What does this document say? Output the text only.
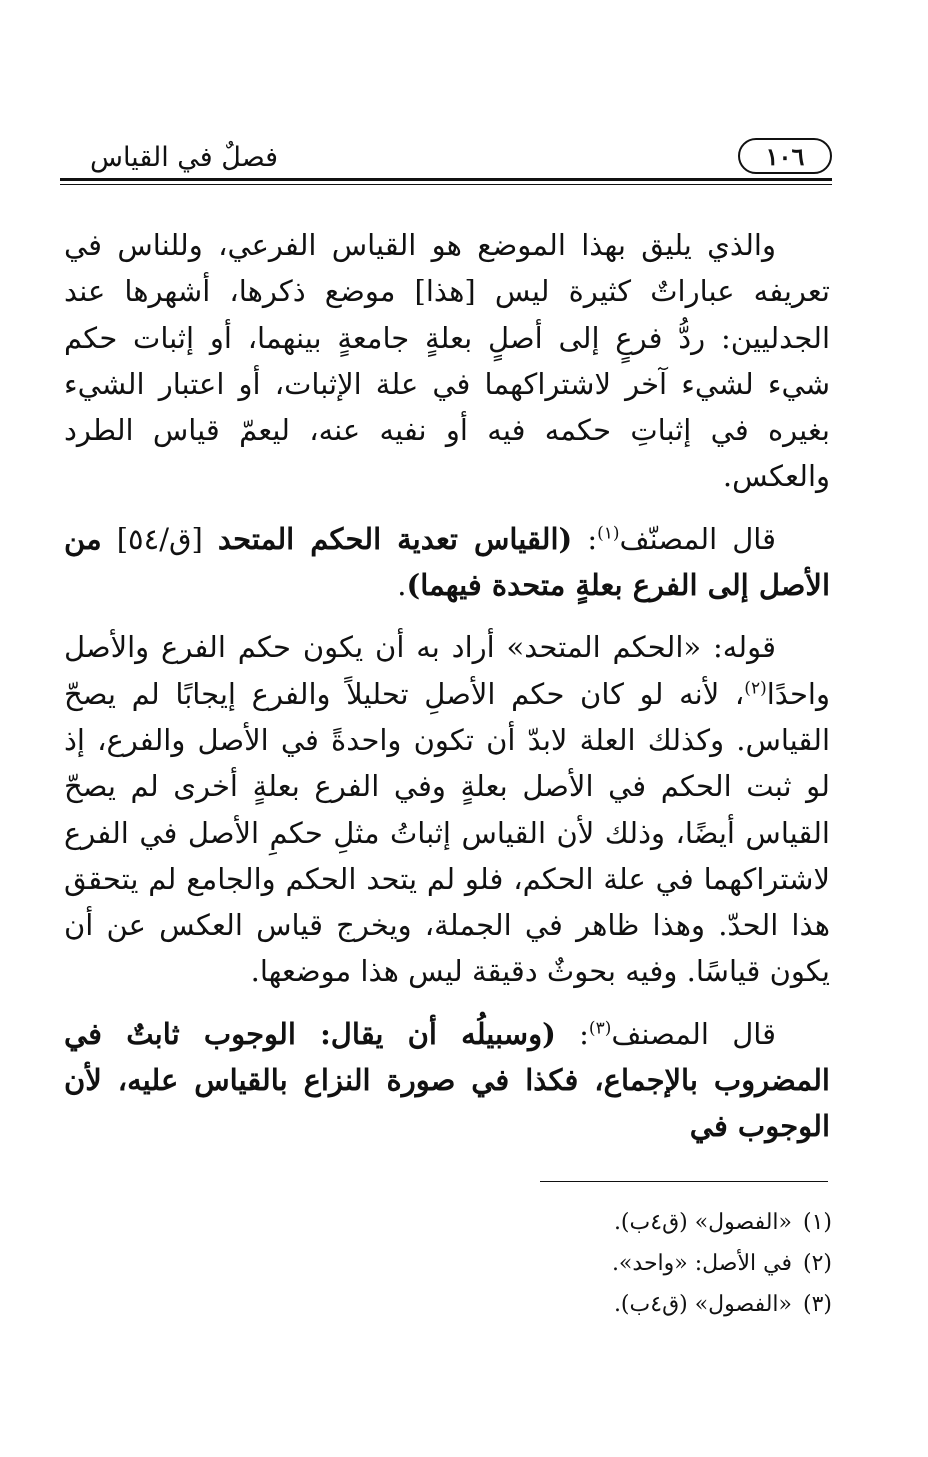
فصلٌ في القياس	١٠٦

والذي يليق بهذا الموضع هو القياس الفرعي، وللناس في تعريفه عباراتٌ كثيرة ليس [هذا] موضع ذكرها، أشهرها عند الجدليين: ردُّ فرعٍ إلى أصلٍ بعلةٍ جامعةٍ بينهما، أو إثبات حكم شيء لشيء آخر لاشتراكهما في علة الإثبات، أو اعتبار الشيء بغيره في إثباتِ حكمه فيه أو نفيه عنه، ليعمّ قياس الطرد والعكس.

قال المصنّف$^{(١)}$: (القياس تعدية الحكم المتحد [ق/٥٤] من الأصل إلى الفرع بعلةٍ متحدة فيهما).

قوله: «الحكم المتحد» أراد به أن يكون حكم الفرع والأصل واحدًا$^{(٢)}$، لأنه لو كان حكم الأصلِ تحليلاً والفرع إيجابًا لم يصحّ القياس. وكذلك العلة لابدّ أن تكون واحدةً في الأصل والفرع، إذ لو ثبت الحكم في الأصل بعلةٍ وفي الفرع بعلةٍ أخرى لم يصحّ القياس أيضًا، وذلك لأن القياس إثباتُ مثلِ حكمِ الأصل في الفرع لاشتراكهما في علة الحكم، فلو لم يتحد الحكم والجامع لم يتحقق هذا الحدّ. وهذا ظاهر في الجملة، ويخرج قياس العكس عن أن يكون قياسًا. وفيه بحوثٌ دقيقة ليس هذا موضعها.

قال المصنف$^{(٣)}$: (وسبيلُه أن يقال: الوجوب ثابتٌ في المضروب بالإجماع، فكذا في صورة النزاع بالقياس عليه، لأن الوجوب في

(١)«الفصول» (ق٤ب).
(٢)في الأصل: «واحد».
(٣)«الفصول» (ق٤ب).
